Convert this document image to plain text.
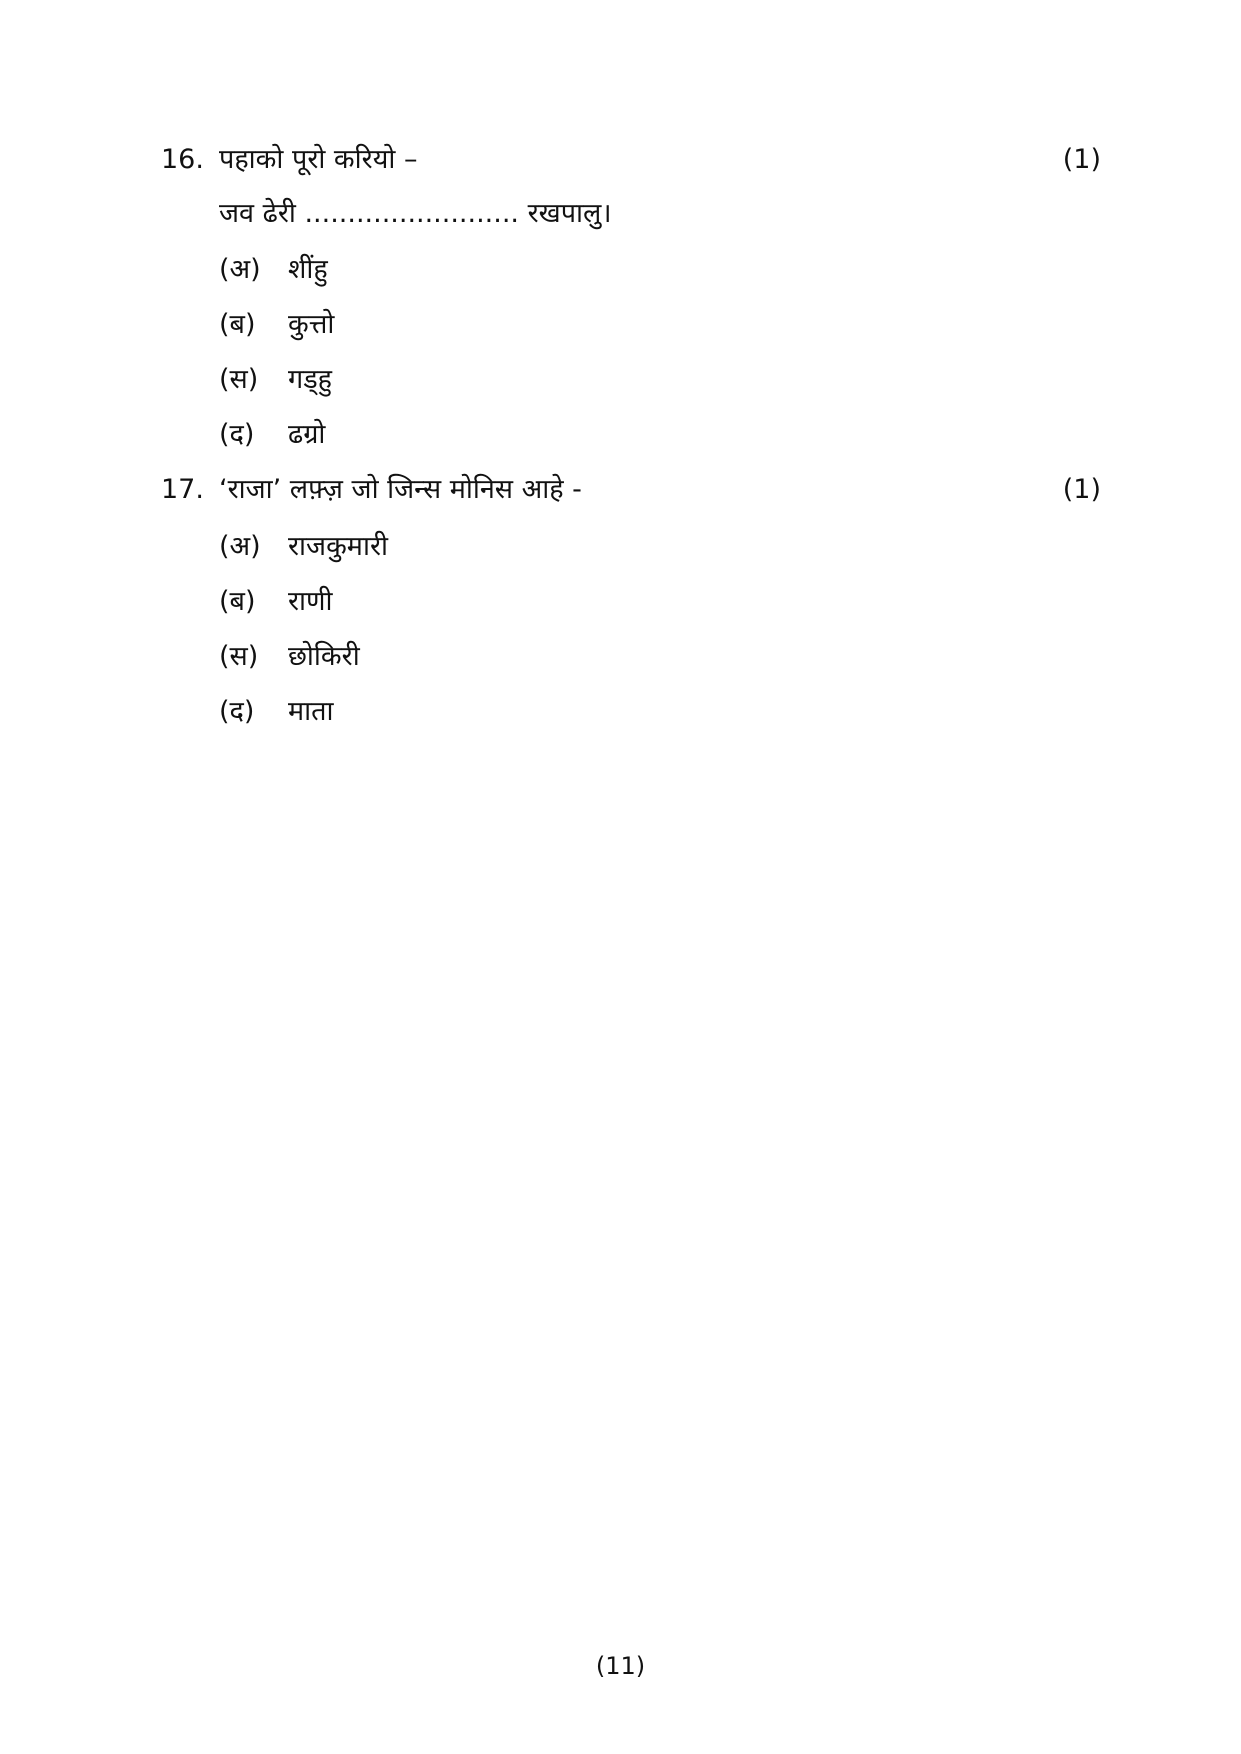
16. पहाको पूरो करियो –	(1)
जव ढेरी ......................... रखपालु।
(अ) शींहु
(ब) कुत्तो
(स) गड्हु
(द) ढग्रो
17. ‘राजा’ लफ़्ज़ जो जिन्स मोनिस आहे -	(1)
(अ) राजकुमारी
(ब) राणी
(स) छोकिरी
(द) माता
(11)
